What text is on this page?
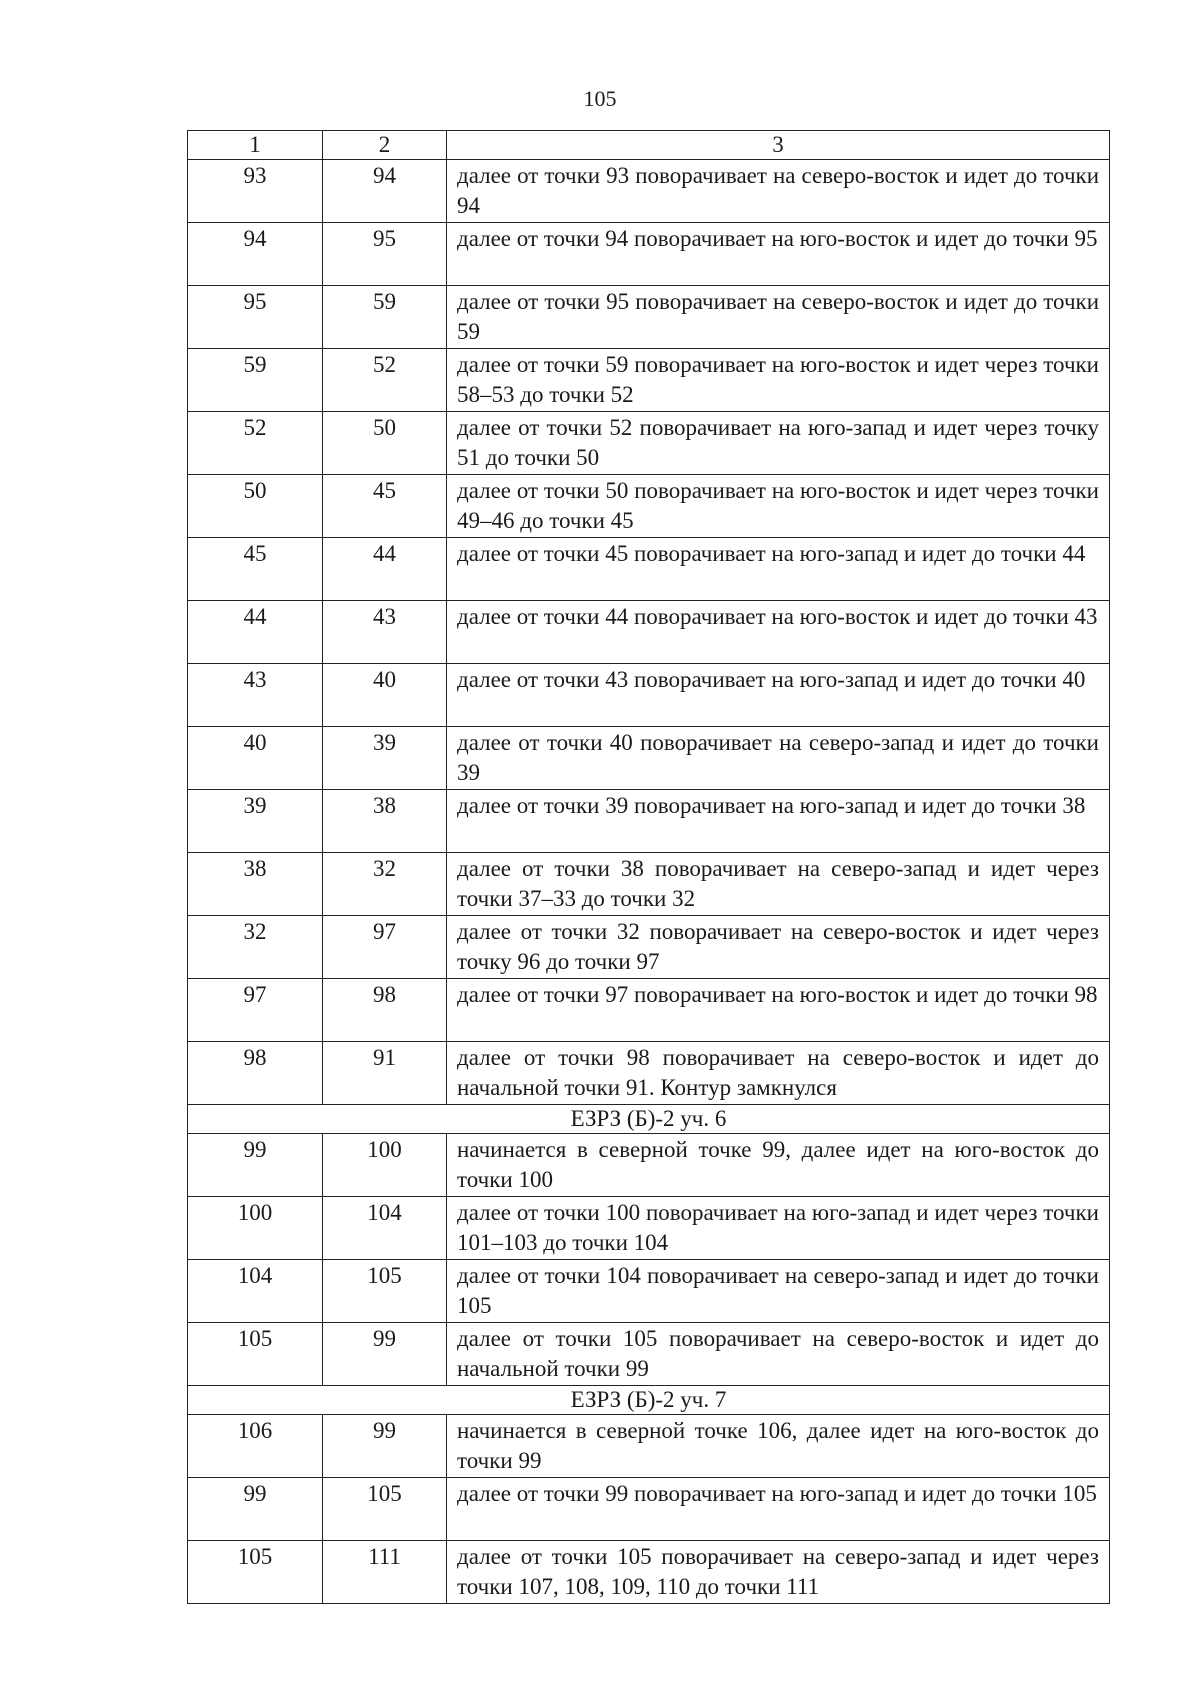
105
1	2	3
93	94	далее от точки 93 поворачивает на северо-восток и идет до точки 94

94	95	далее от точки 94 поворачивает на юго-восток и идет до точки 95

95	59	далее от точки 95 поворачивает на северо-восток и идет до точки 59

59	52	далее от точки 59 поворачивает на юго-восток и идет через точки 58–53 до точки 52

52	50	далее от точки 52 поворачивает на юго-запад и идет через точку 51 до точки 50

50	45	далее от точки 50 поворачивает на юго-восток и идет через точки 49–46 до точки 45

45	44	далее от точки 45 поворачивает на юго-запад и идет до точки 44

44	43	далее от точки 44 поворачивает на юго-восток и идет до точки 43

43	40	далее от точки 43 поворачивает на юго-запад и идет до точки 40

40	39	далее от точки 40 поворачивает на северо-запад и идет до точки 39

39	38	далее от точки 39 поворачивает на юго-запад и идет до точки 38

38	32	далее от точки 38 поворачивает на северо-запад и идет через точки 37–33 до точки 32

32	97	далее от точки 32 поворачивает на северо-восток и идет через точку 96 до точки 97

97	98	далее от точки 97 поворачивает на юго-восток и идет до точки 98

98	91	далее от точки 98 поворачивает на северо-восток и идет до начальной точки 91. Контур замкнулся

ЕЗРЗ (Б)-2 уч. 6		
99	100	начинается в северной точке 99, далее идет на юго-восток до точки 100

100	104	далее от точки 100 поворачивает на юго-запад и идет через точки 101–103 до точки 104

104	105	далее от точки 104 поворачивает на северо-запад и идет до точки 105

105	99	далее от точки 105 поворачивает на северо-восток и идет до начальной точки 99

ЕЗРЗ (Б)-2 уч. 7		
106	99	начинается в северной точке 106, далее идет на юго-восток до точки 99

99	105	далее от точки 99 поворачивает на юго-запад и идет до точки 105

105	111	далее от точки 105 поворачивает на северо-запад и идет через точки 107, 108, 109, 110 до точки 111
